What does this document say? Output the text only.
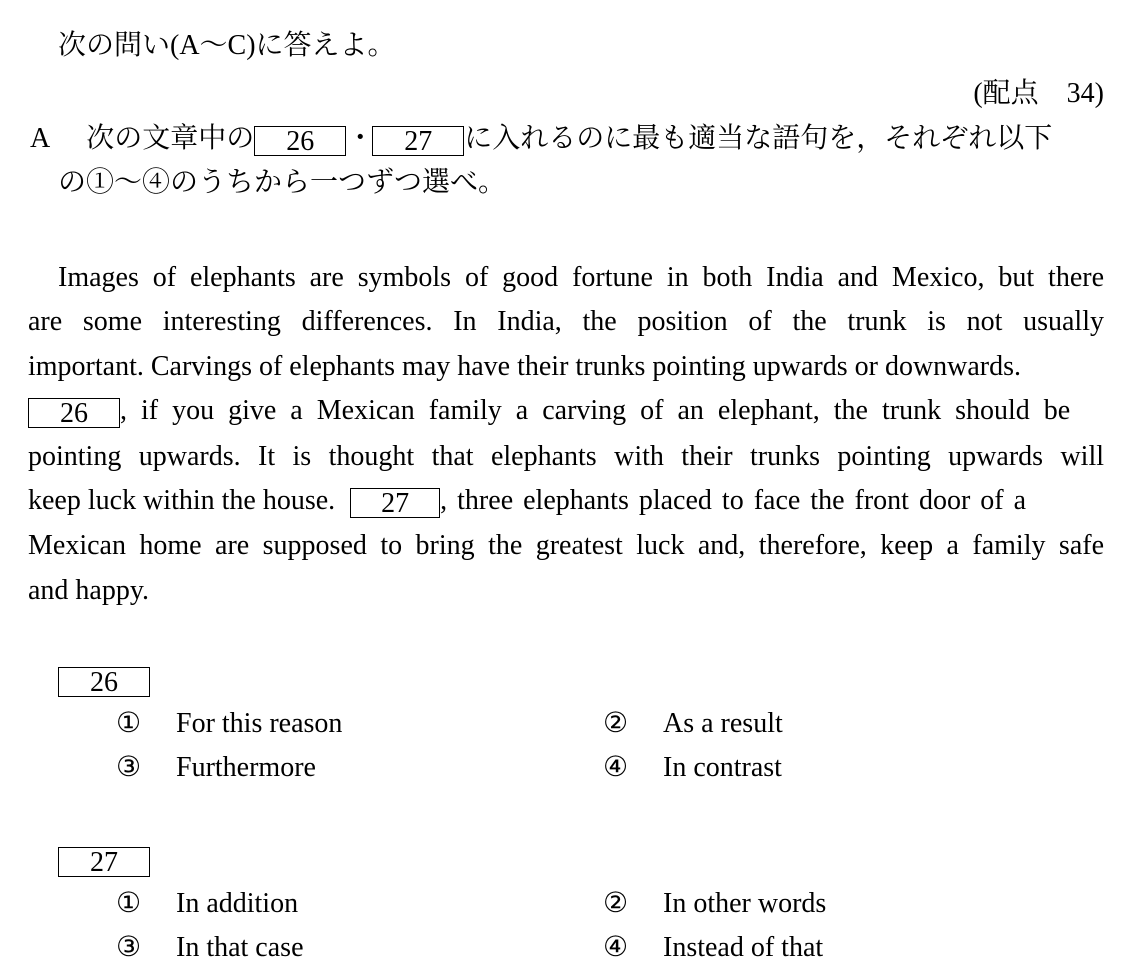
次の問い(A～C)に答えよ。
(配点　34)
A 次の文章中の 26 ・ 27 に入れるのに最も適当な語句を，それぞれ以下
の①～④のうちから一つずつ選べ。
Images of elephants are symbols of good fortune in both India and Mexico, but there
are some interesting differences. In India, the position of the trunk is not usually
important. Carvings of elephants may have their trunks pointing upwards or downwards.
26 , if you give a Mexican family a carving of an elephant, the trunk should be
pointing upwards. It is thought that elephants with their trunks pointing upwards will
keep luck within the house. 27 , three elephants placed to face the front door of a
Mexican home are supposed to bring the greatest luck and, therefore, keep a family safe
and happy.
26
① For this reason	② As a result
③ Furthermore	④ In contrast
27
① In addition	② In other words
③ In that case	④ Instead of that
